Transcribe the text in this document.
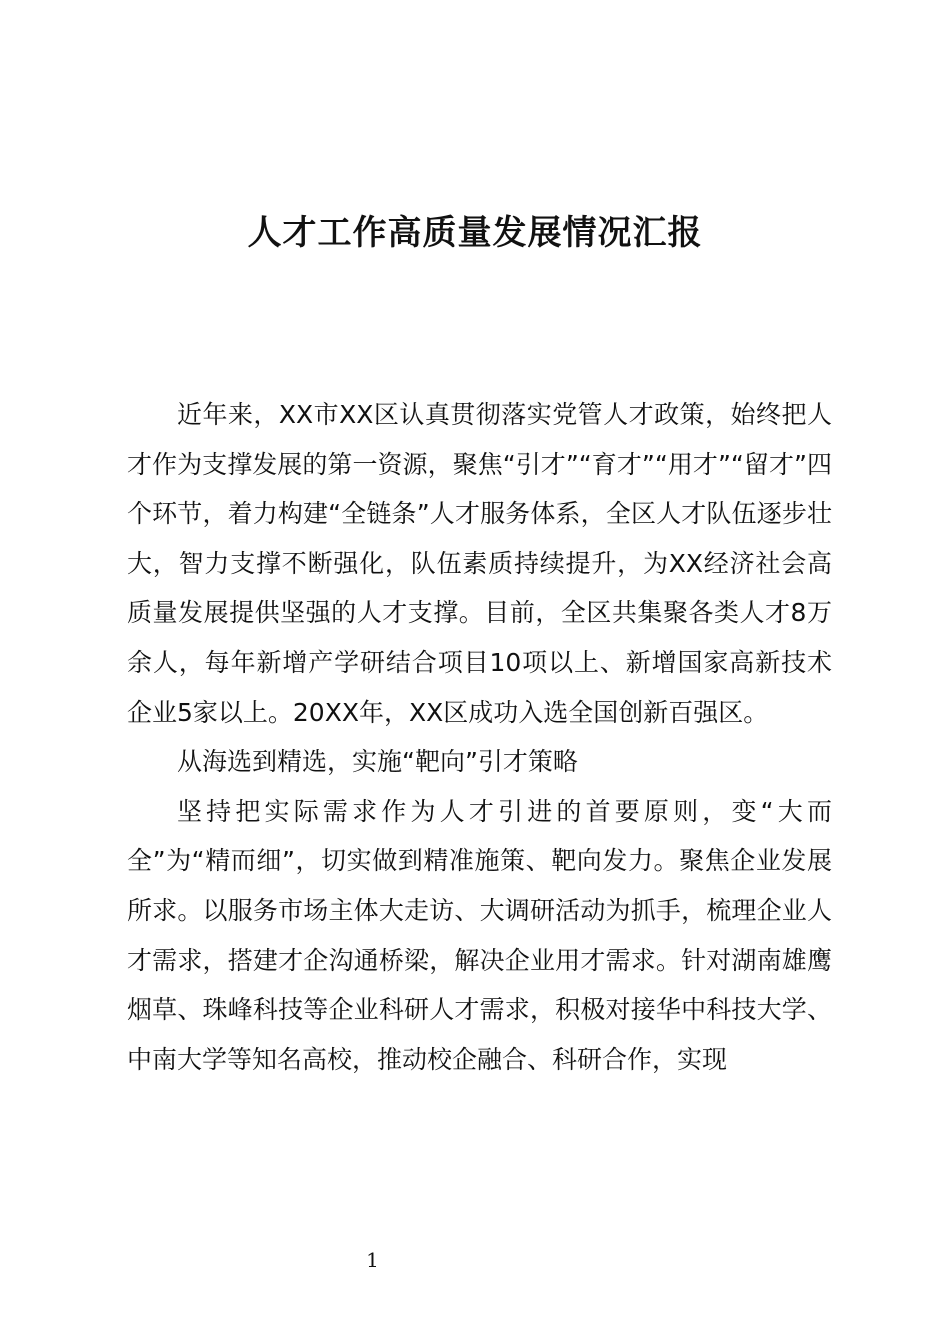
人才工作高质量发展情况汇报

近年来，XX市XX区认真贯彻落实党管人才政策，始终把人才作为支撑发展的第一资源，聚焦“引才”“育才”“用才”“留才”四个环节，着力构建“全链条”人才服务体系，全区人才队伍逐步壮大，智力支撑不断强化，队伍素质持续提升，为XX经济社会高质量发展提供坚强的人才支撑。目前，全区共集聚各类人才8万余人，每年新增产学研结合项目10项以上、新增国家高新技术企业5家以上。20XX年，XX区成功入选全国创新百强区。

从海选到精选，实施“靶向”引才策略

坚持把实际需求作为人才引进的首要原则，变“大而全”为“精而细”，切实做到精准施策、靶向发力。聚焦企业发展所求。以服务市场主体大走访、大调研活动为抓手，梳理企业人才需求，搭建才企沟通桥梁，解决企业用才需求。针对湖南雄鹰烟草、珠峰科技等企业科研人才需求，积极对接华中科技大学、中南大学等知名高校，推动校企融合、科研合作，实现

1
